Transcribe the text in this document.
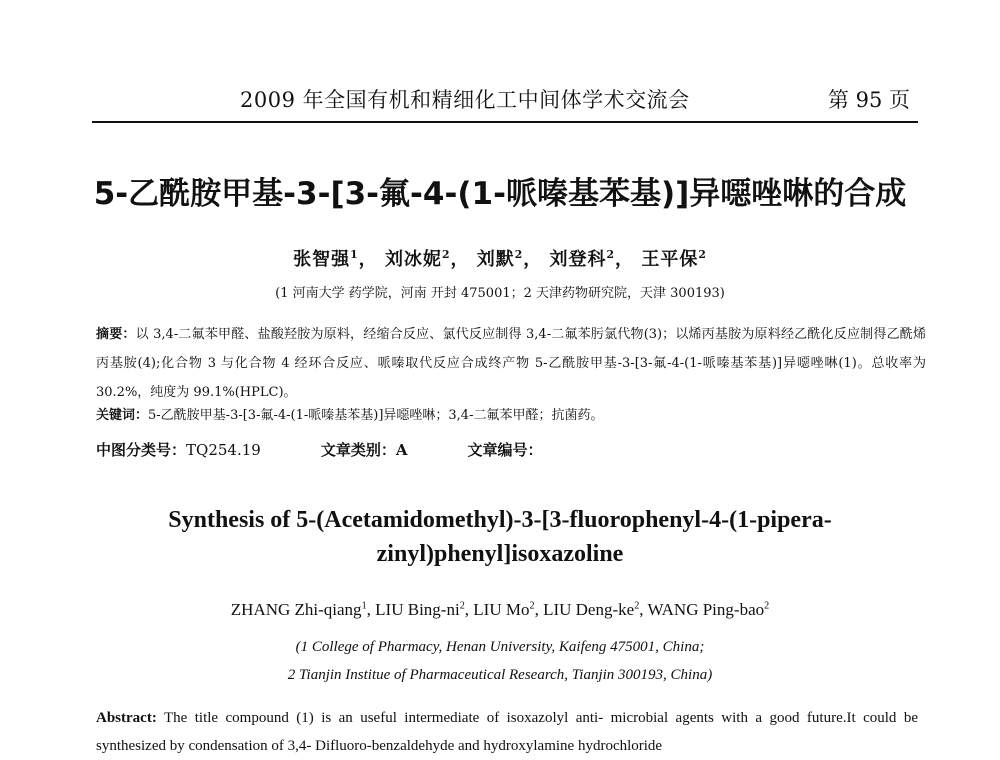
2009 年全国有机和精细化工中间体学术交流会	第 95 页
5-乙酰胺甲基-3-[3-氟-4-(1-哌嗪基苯基)]异噁唑啉的合成
张智强$^1$， 刘冰妮$^2$， 刘默$^2$， 刘登科$^2$， 王平保$^2$
(1 河南大学 药学院，河南 开封 475001；2 天津药物研究院，天津 300193)
摘要：以 3,4-二氟苯甲醛、盐酸羟胺为原料，经缩合反应、氯代反应制得 3,4-二氟苯肟氯代物(3)；以烯丙基胺为原料经乙酰化反应制得乙酰烯丙基胺(4);化合物 3 与化合物 4 经环合反应、哌嗪取代反应合成终产物 5-乙酰胺甲基-3-[3-氟-4-(1-哌嗪基苯基)]异噁唑啉(1)。总收率为 30.2%，纯度为 99.1%(HPLC)。
关键词：5-乙酰胺甲基-3-[3-氟-4-(1-哌嗪基苯基)]异噁唑啉；3,4-二氟苯甲醛；抗菌药。
中图分类号：TQ254.19	文章类别：A	文章编号：
Synthesis of 5-(Acetamidomethyl)-3-[3-fluorophenyl-4-(1-pipera-
zinyl)phenyl]isoxazoline
ZHANG Zhi-qiang$^1$, LIU Bing-$ni^2$, LIU Mo$^2$, LIU Deng-$ke^2$, WANG Ping-bao$^2$
(1 College of Pharmacy, Henan University, Kaifeng 475001, China;
2 Tianjin Institue of Pharmaceutical Research, Tianjin 300193, China)
Abstract: The title compound (1) is an useful intermediate of isoxazolyl anti- microbial agents with a good future.It could be synthesized by condensation of 3,4- Difluoro-benzaldehyde and hydroxylamine hydrochloride
